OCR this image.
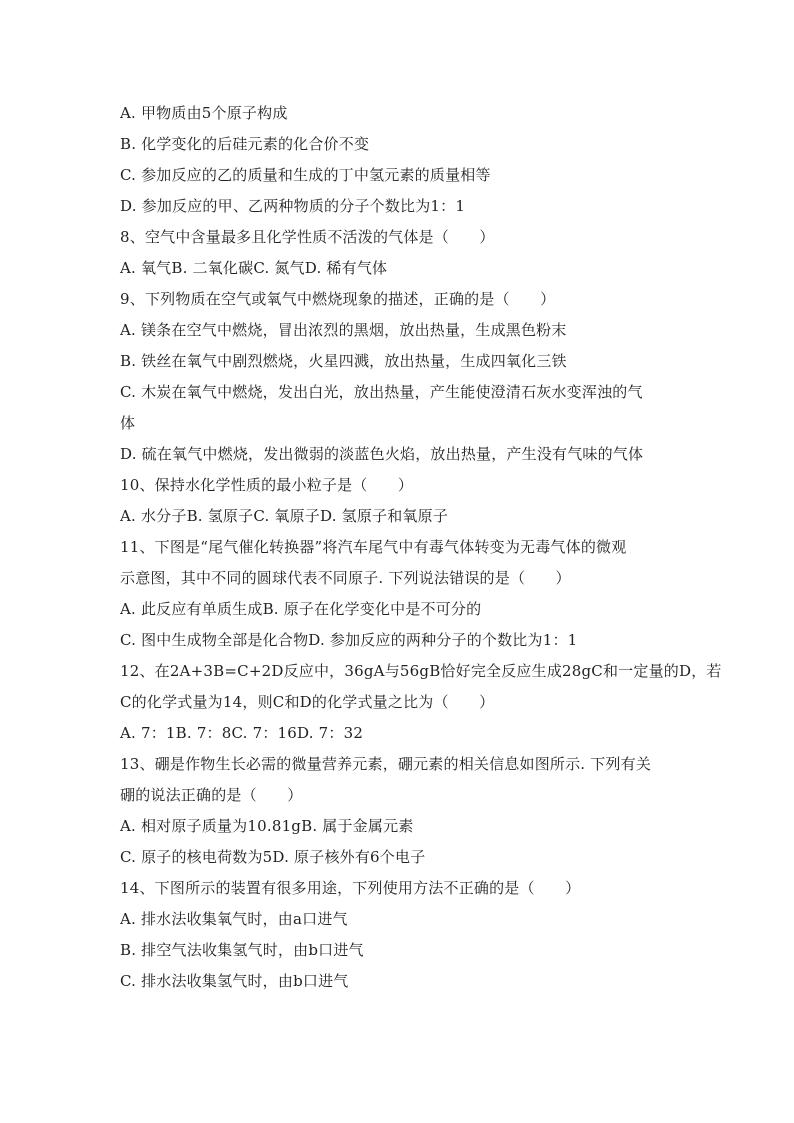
A. 甲物质由5个原子构成
B. 化学变化的后硅元素的化合价不变
C. 参加反应的乙的质量和生成的丁中氢元素的质量相等
D. 参加反应的甲、乙两种物质的分子个数比为1：1
8、空气中含量最多且化学性质不活泼的气体是（　　）
A. 氧气B. 二氧化碳C. 氮气D. 稀有气体
9、下列物质在空气或氧气中燃烧现象的描述，正确的是（　　）
A. 镁条在空气中燃烧，冒出浓烈的黑烟，放出热量，生成黑色粉末
B. 铁丝在氧气中剧烈燃烧，火星四溅，放出热量，生成四氧化三铁
C. 木炭在氧气中燃烧，发出白光，放出热量，产生能使澄清石灰水变浑浊的气
体
D. 硫在氧气中燃烧，发出微弱的淡蓝色火焰，放出热量，产生没有气味的气体
10、保持水化学性质的最小粒子是（　　）
A. 水分子B. 氢原子C. 氧原子D. 氢原子和氧原子
11、下图是“尾气催化转换器”将汽车尾气中有毒气体转变为无毒气体的微观
示意图，其中不同的圆球代表不同原子. 下列说法错误的是（　　）
A. 此反应有单质生成B. 原子在化学变化中是不可分的
C. 图中生成物全部是化合物D. 参加反应的两种分子的个数比为1：1
12、在2A+3B=C+2D反应中，36gA与56gB恰好完全反应生成28gC和一定量的D，若
C的化学式量为14，则C和D的化学式量之比为（　　）
A. 7：1B. 7：8C. 7：16D. 7：32
13、硼是作物生长必需的微量营养元素，硼元素的相关信息如图所示. 下列有关
硼的说法正确的是（　　）
A. 相对原子质量为10.81gB. 属于金属元素
C. 原子的核电荷数为5D. 原子核外有6个电子
14、下图所示的装置有很多用途，下列使用方法不正确的是（　　）
A. 排水法收集氧气时，由a口进气
B. 排空气法收集氢气时，由b口进气
C. 排水法收集氢气时，由b口进气
